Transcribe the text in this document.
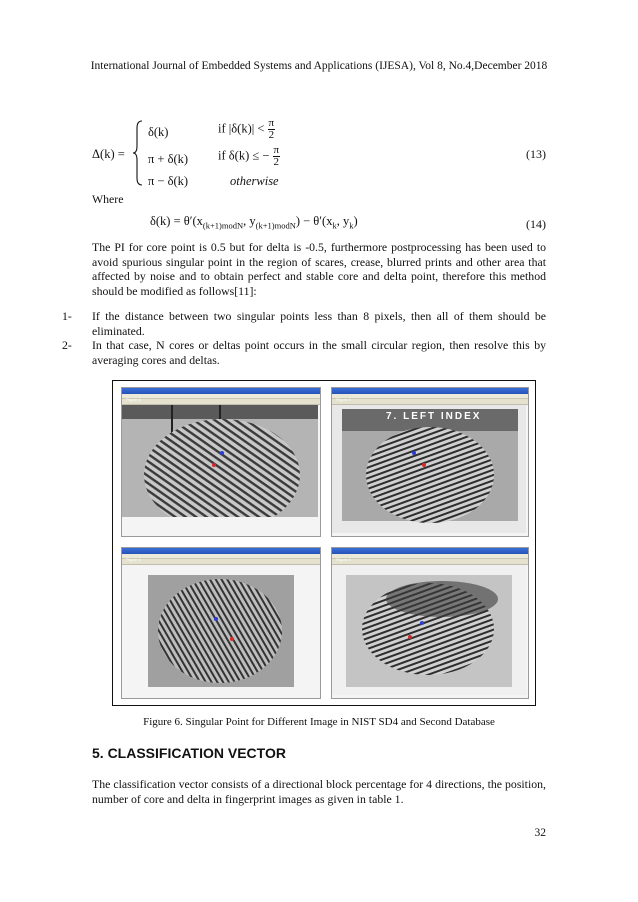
International Journal of Embedded Systems and Applications (IJESA), Vol 8, No.4,December 2018
Δ(k) =
δ(k)	if $|\delta(k)| < \frac{\pi}{2}$
π + δ(k) if δ(k) ≤ − $\frac{\pi}{2}$
π − δ(k)	otherwise
(13)
Where
$\delta(k) = \theta'(x_{(k+1)modN}$, $y_{(k+1)modN}) - \theta'(x_k$, $y_k$)	(14)
The PI for core point is 0.5 but for delta is -0.5, furthermore postprocessing has been used to avoid spurious singular point in the region of scares, crease, blurred prints and other area that affected by noise and to obtain perfect and stable core and delta point, therefore this method should be modified as follows[11]:
1-	If the distance between two singular points less than 8 pixels, then all of them should be eliminated.
2-	In that case, N cores or deltas point occurs in the small circular region, then resolve this by averaging cores and deltas.
Figure 4	Figure 4
7. LEFT INDEX
Figure 4	Figure 4
Figure 6. Singular Point for Different Image in NIST SD4 and Second Database
5. CLASSIFICATION VECTOR
The classification vector consists of a directional block percentage for 4 directions, the position, number of core and delta in fingerprint images as given in table 1.
32
